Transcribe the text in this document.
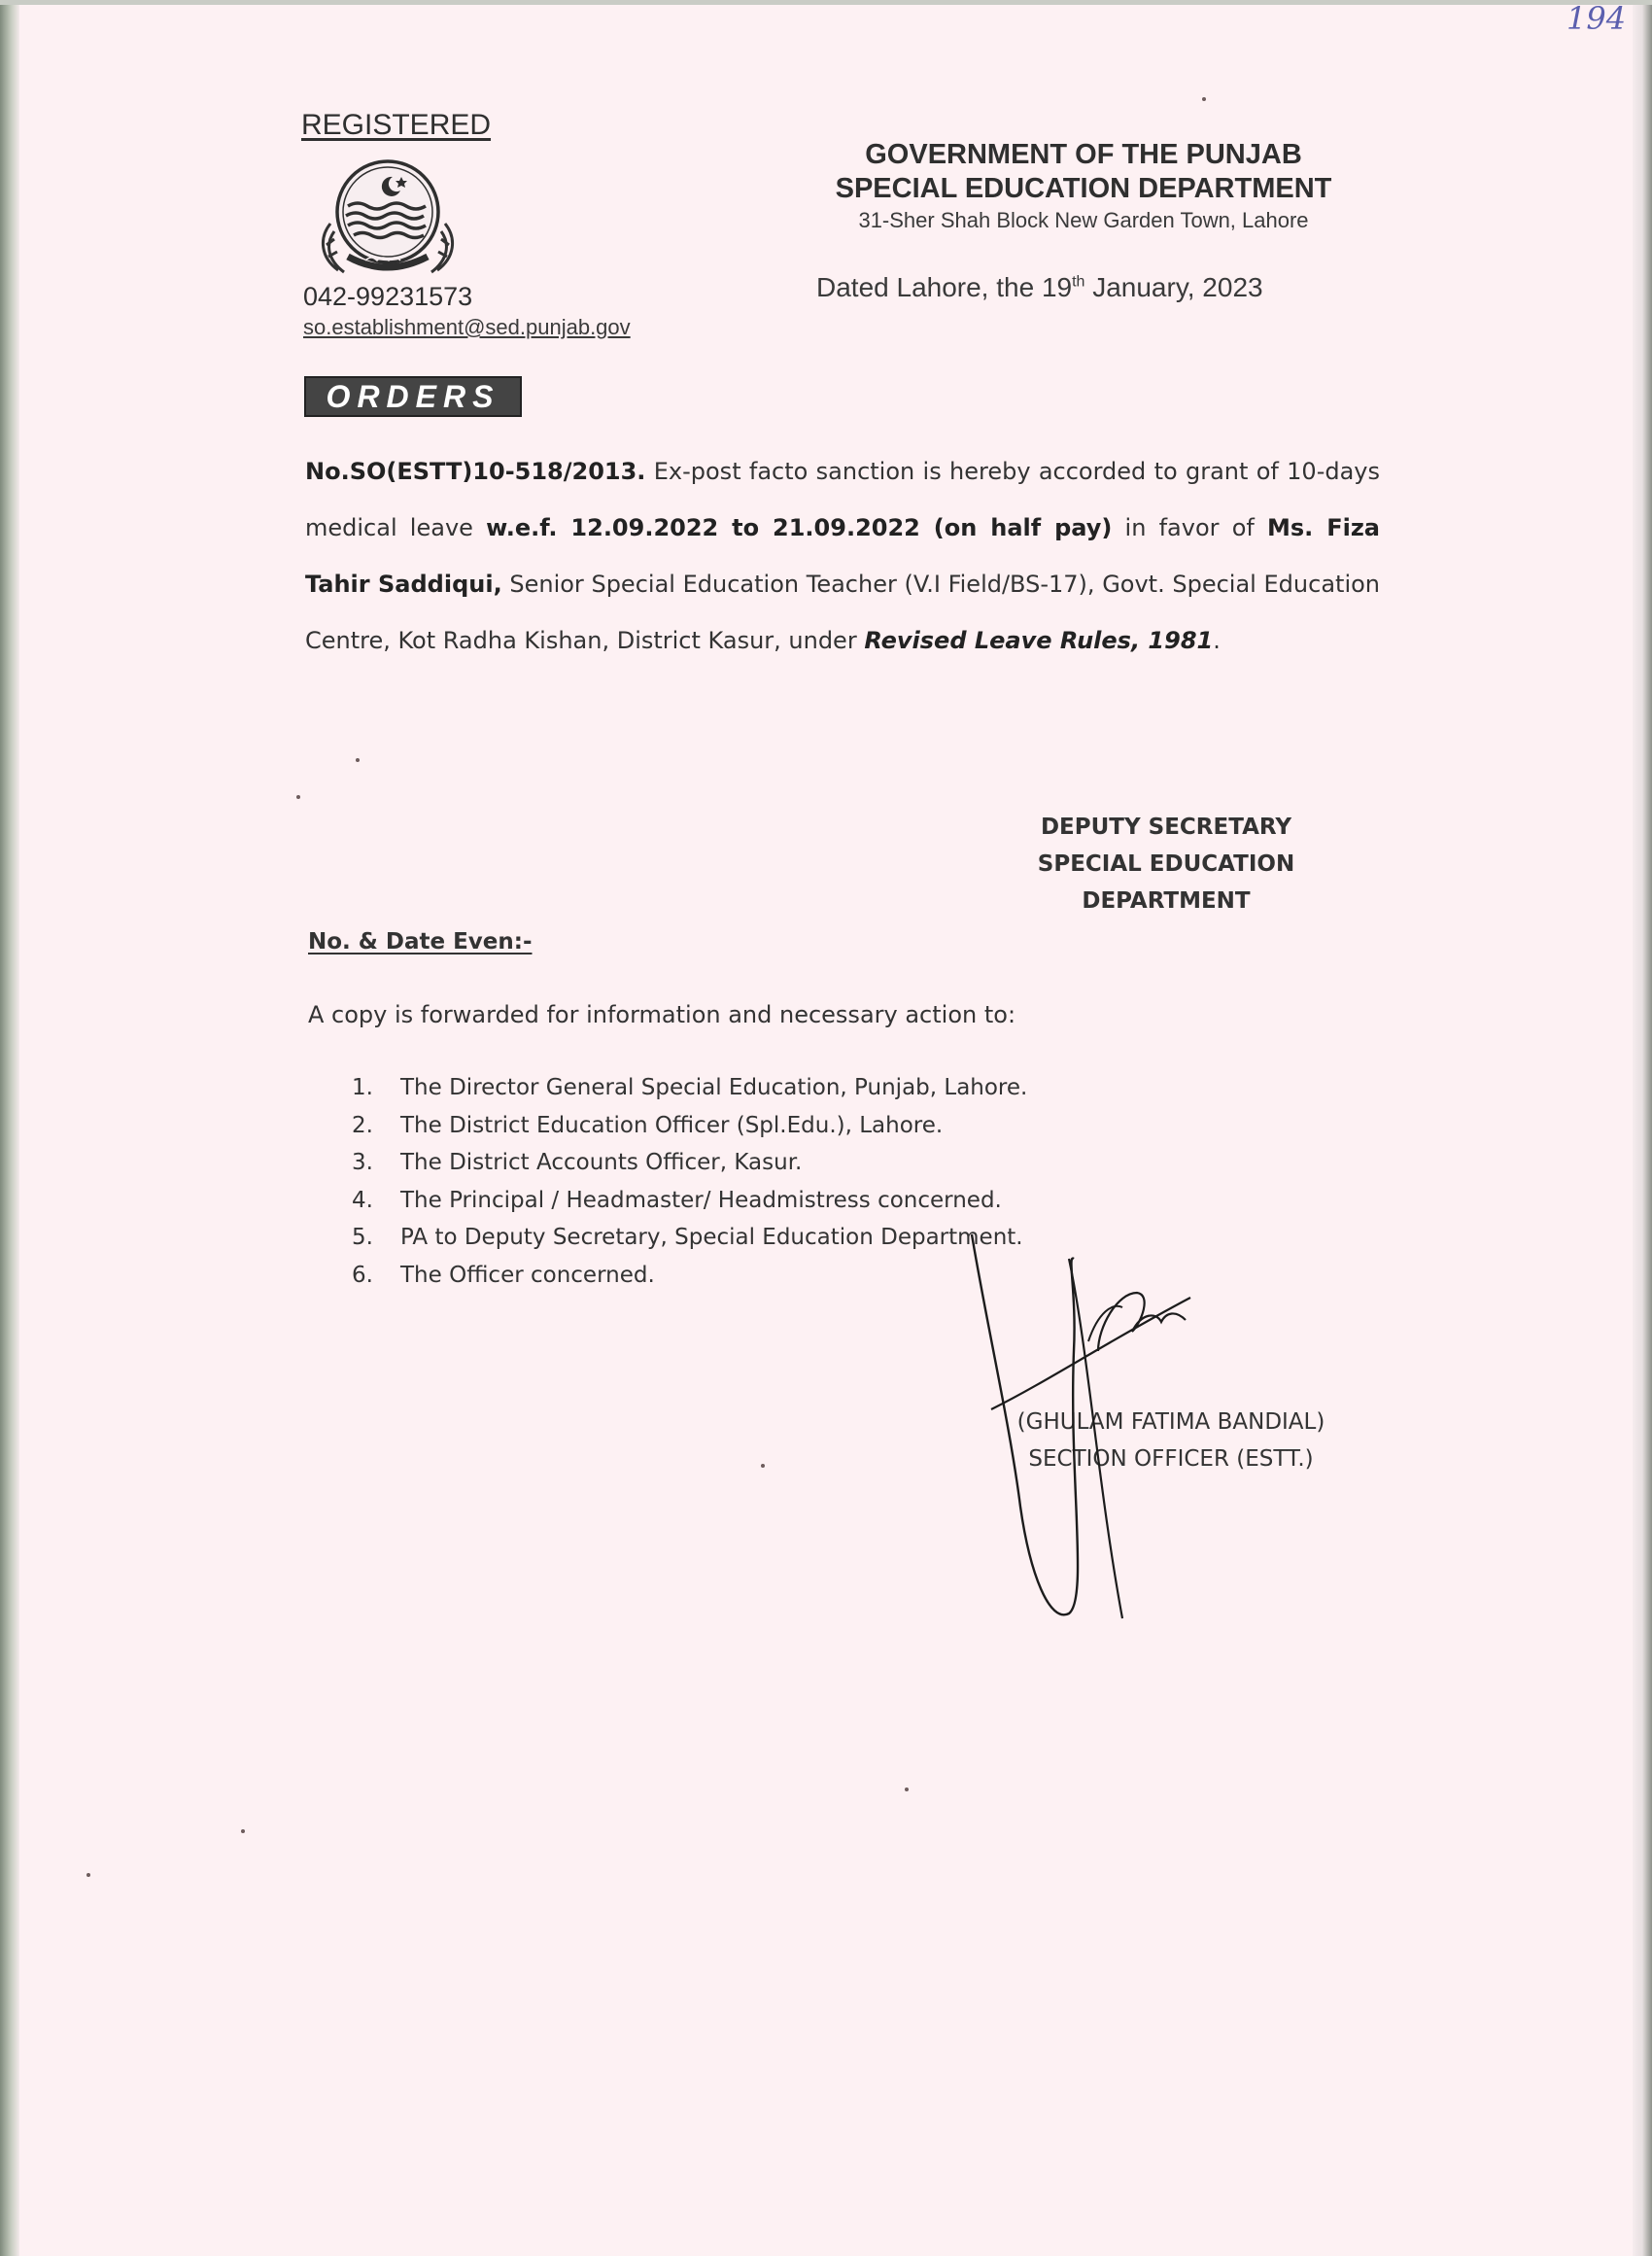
194
REGISTERED
042-99231573
so.establishment@sed.punjab.gov
GOVERNMENT OF THE PUNJAB
SPECIAL EDUCATION DEPARTMENT
31-Sher Shah Block New Garden Town, Lahore
Dated Lahore, the 19th January, 2023
ORDERS
No.SO(ESTT)10-518/2013. Ex-post facto sanction is hereby accorded to grant of 10-days medical leave w.e.f. 12.09.2022 to 21.09.2022 (on half pay) in favor of Ms. Fiza Tahir Saddiqui, Senior Special Education Teacher (V.I Field/BS-17), Govt. Special Education Centre, Kot Radha Kishan, District Kasur, under Revised Leave Rules, 1981.
DEPUTY SECRETARY
SPECIAL EDUCATION
DEPARTMENT
No. & Date Even:-
A copy is forwarded for information and necessary action to:
1. The Director General Special Education, Punjab, Lahore.
2. The District Education Officer (Spl.Edu.), Lahore.
3. The District Accounts Officer, Kasur.
4. The Principal / Headmaster/ Headmistress concerned.
5. PA to Deputy Secretary, Special Education Department.
6. The Officer concerned.
(GHULAM FATIMA BANDIAL)
SECTION OFFICER (ESTT.)
